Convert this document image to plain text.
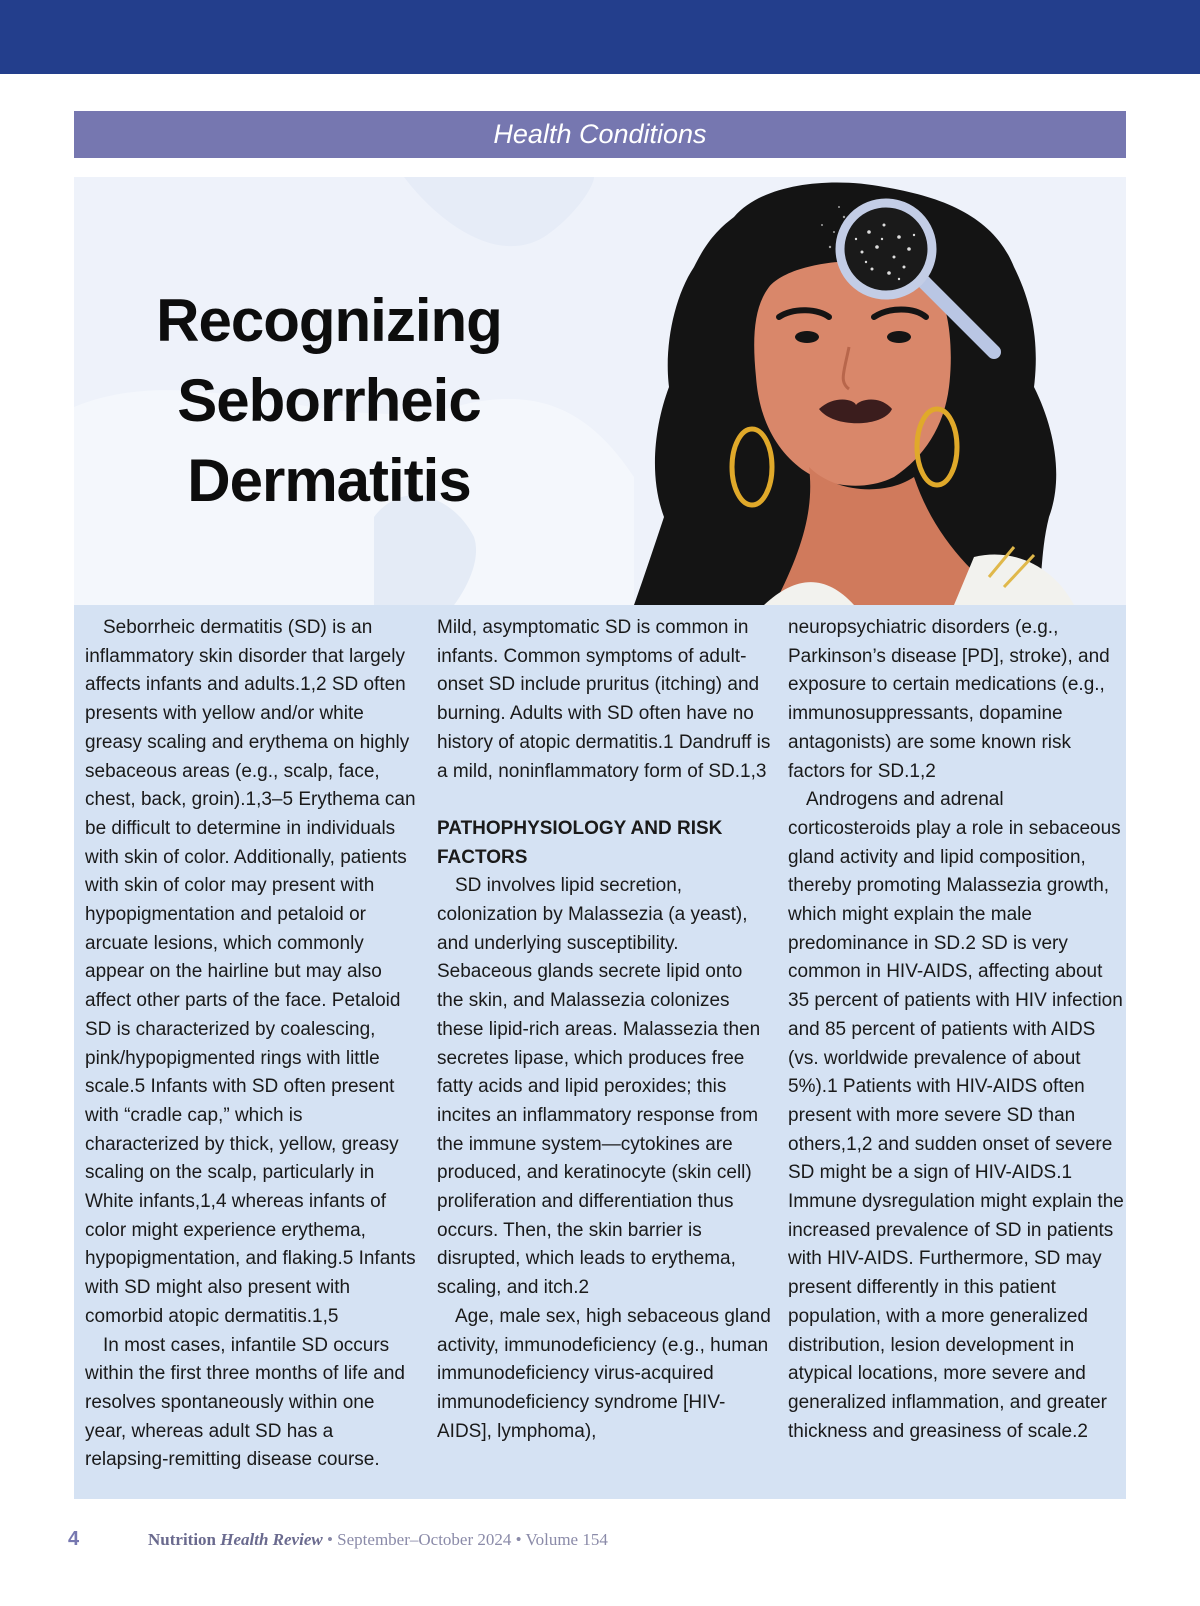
Health Conditions
Recognizing
Seborrheic
Dermatitis

Seborrheic dermatitis (SD) is an inflammatory skin disorder that largely affects infants and adults.1,2 SD often presents with yellow and/or white greasy scaling and erythema on highly sebaceous areas (e.g., scalp, face, chest, back, groin).1,3–5 Erythema can be difficult to determine in individuals with skin of color. Additionally, patients with skin of color may present with hypopigmentation and petaloid or arcuate lesions, which commonly appear on the hairline but may also affect other parts of the face. Petaloid SD is characterized by coalescing, pink/hypopigmented rings with little scale.5 Infants with SD often present with “cradle cap,” which is characterized by thick, yellow, greasy scaling on the scalp, particularly in White infants,1,4 whereas infants of color might experience erythema, hypopigmentation, and flaking.5 Infants with SD might also present with comorbid atopic dermatitis.1,5

In most cases, infantile SD occurs within the first three months of life and resolves spontaneously within one year, whereas adult SD has a relapsing-remitting disease course.

Mild, asymptomatic SD is common in infants. Common symptoms of adult-onset SD include pruritus (itching) and burning. Adults with SD often have no history of atopic dermatitis.1 Dandruff is a mild, noninflammatory form of SD.1,3

PATHOPHYSIOLOGY AND RISK FACTORS

SD involves lipid secretion, colonization by Malassezia (a yeast), and underlying susceptibility. Sebaceous glands secrete lipid onto the skin, and Malassezia colonizes these lipid-rich areas. Malassezia then secretes lipase, which produces free fatty acids and lipid peroxides; this incites an inflammatory response from the immune system—cytokines are produced, and keratinocyte (skin cell) proliferation and differentiation thus occurs. Then, the skin barrier is disrupted, which leads to erythema, scaling, and itch.2

Age, male sex, high sebaceous gland activity, immunodeficiency (e.g., human immunodeficiency virus-acquired immunodeficiency syndrome [HIV-AIDS], lymphoma),

neuropsychiatric disorders (e.g., Parkinson’s disease [PD], stroke), and exposure to certain medications (e.g., immunosuppressants, dopamine antagonists) are some known risk factors for SD.1,2

Androgens and adrenal corticosteroids play a role in sebaceous gland activity and lipid composition, thereby promoting Malassezia growth, which might explain the male predominance in SD.2 SD is very common in HIV-AIDS, affecting about 35 percent of patients with HIV infection and 85 percent of patients with AIDS (vs. worldwide prevalence of about 5%).1 Patients with HIV-AIDS often present with more severe SD than others,1,2 and sudden onset of severe SD might be a sign of HIV-AIDS.1 Immune dysregulation might explain the increased prevalence of SD in patients with HIV-AIDS. Furthermore, SD may present differently in this patient population, with a more generalized distribution, lesion development in atypical locations, more severe and generalized inflammation, and greater thickness and greasiness of scale.2

4	Nutrition Health Review • September–October 2024 • Volume 154
